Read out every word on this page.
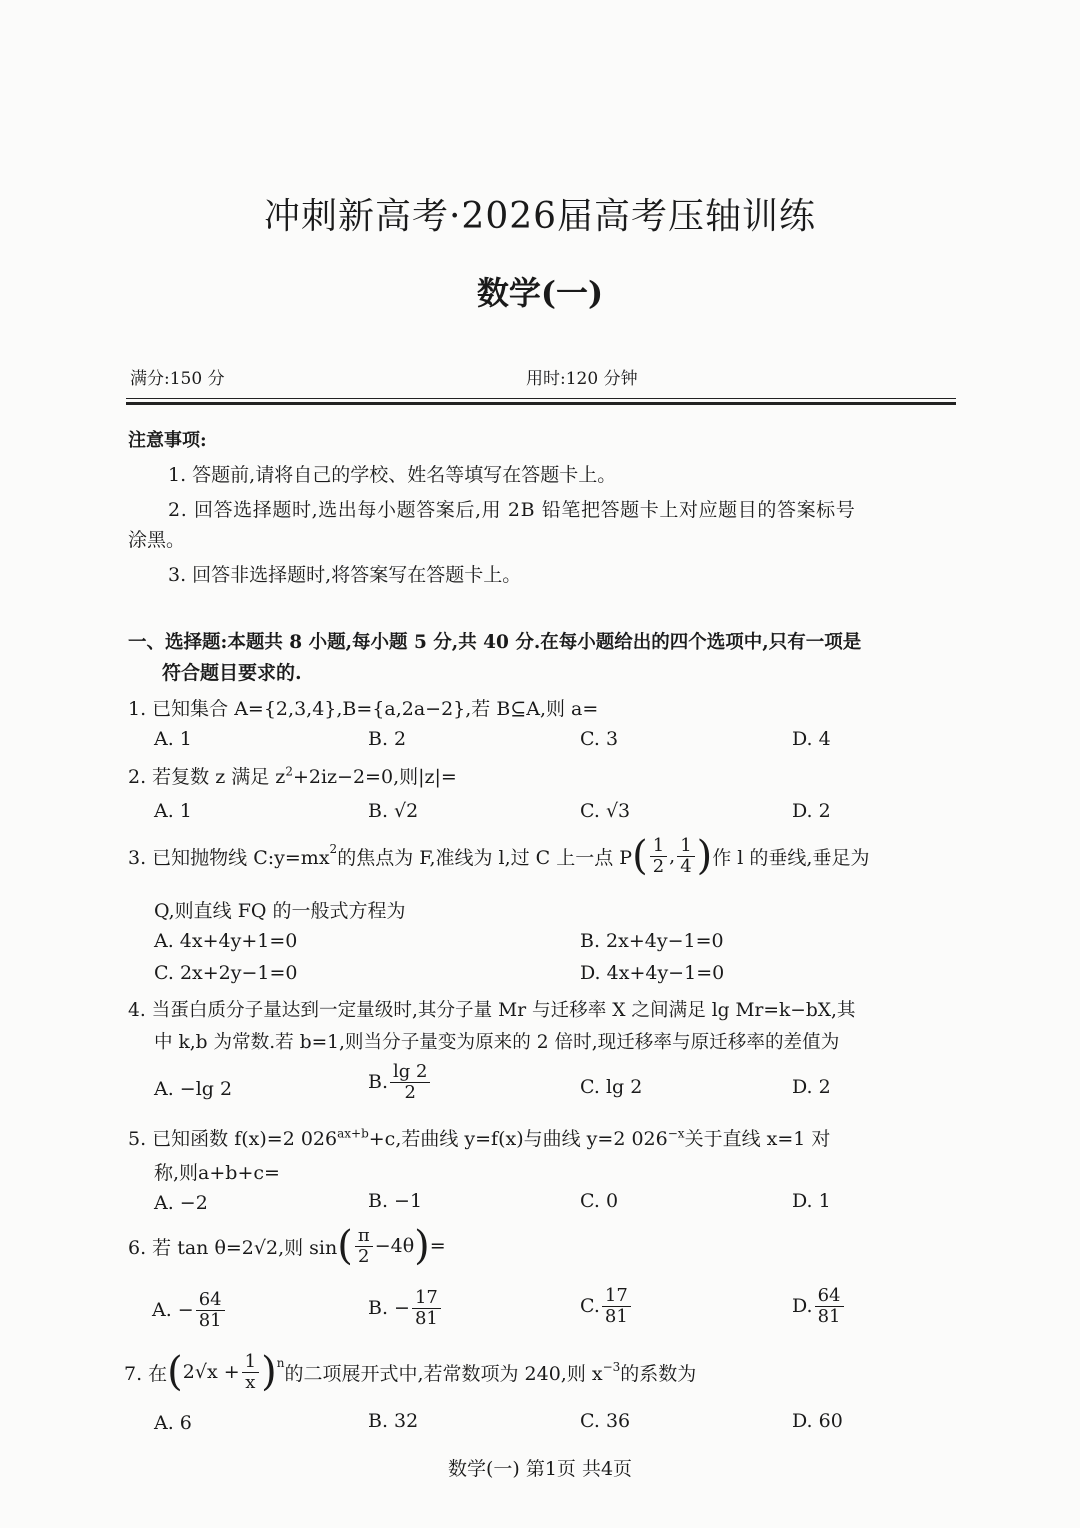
冲刺新高考·2026届高考压轴训练
数学(一)
满分:150 分	用时:120 分钟
注意事项:
1. 答题前,请将自己的学校、姓名等填写在答题卡上。
2. 回答选择题时,选出每小题答案后,用 2B 铅笔把答题卡上对应题目的答案标号
涂黑。
3. 回答非选择题时,将答案写在答题卡上。
一、选择题:本题共 8 小题,每小题 5 分,共 40 分.在每小题给出的四个选项中,只有一项是
符合题目要求的.
1. 已知集合 A={2,3,4},B={a,2a−2},若 B⊆A,则 a=
A. 1	B. 2	C. 3	D. 4
2. 若复数 z 满足 $z^2+2iz-2=0$,则|z|=
A. 1	B. √2	C. √3	D. 2
3. 已知抛物线 $C:y=mx^2$ 的焦点为 F,准线为 l,过 C 上一点 P ( $\frac{1}{2}$ , $\frac{1}{4}$ ) 作 l 的垂线,垂足为
Q,则直线 FQ 的一般式方程为
A. 4x+4y+1=0	B. 2x+4y−1=0
C. 2x+2y−1=0	D. 4x+4y−1=0
4. 当蛋白质分子量达到一定量级时,其分子量 Mr 与迁移率 X 之间满足 lg Mr=k−bX,其
中 k,b 为常数.若 b=1,则当分子量变为原来的 2 倍时,现迁移率与原迁移率的差值为
A. −lg 2	B. $\frac{\lg 2}{2}$	C. lg 2	D. 2
5. 已知函数 f(x)=2 $026^{ax+b}+c$,若曲线 y=f(x)与曲线 y=2 $026^{-x}$关于直线 x=1 对
称,则a+b+c=
A. −2	B. −1	C. 0	D. 1
6. 若 tan θ=2√2,则 sin ( $\frac{\pi}{2} -4\theta$ ) =
A. − $\frac{64}{81}$	B. − $\frac{17}{81}$	C. $\frac{17}{81}$	D. $\frac{64}{81}$
7. 在 ( $2√x + \frac{1}{x} )^n$ 的二项展开式中,若常数项为 240,则 $x^{-3}$ 的系数为
A. 6	B. 32	C. 36	D. 60
数学(一) 第1页 共4页
